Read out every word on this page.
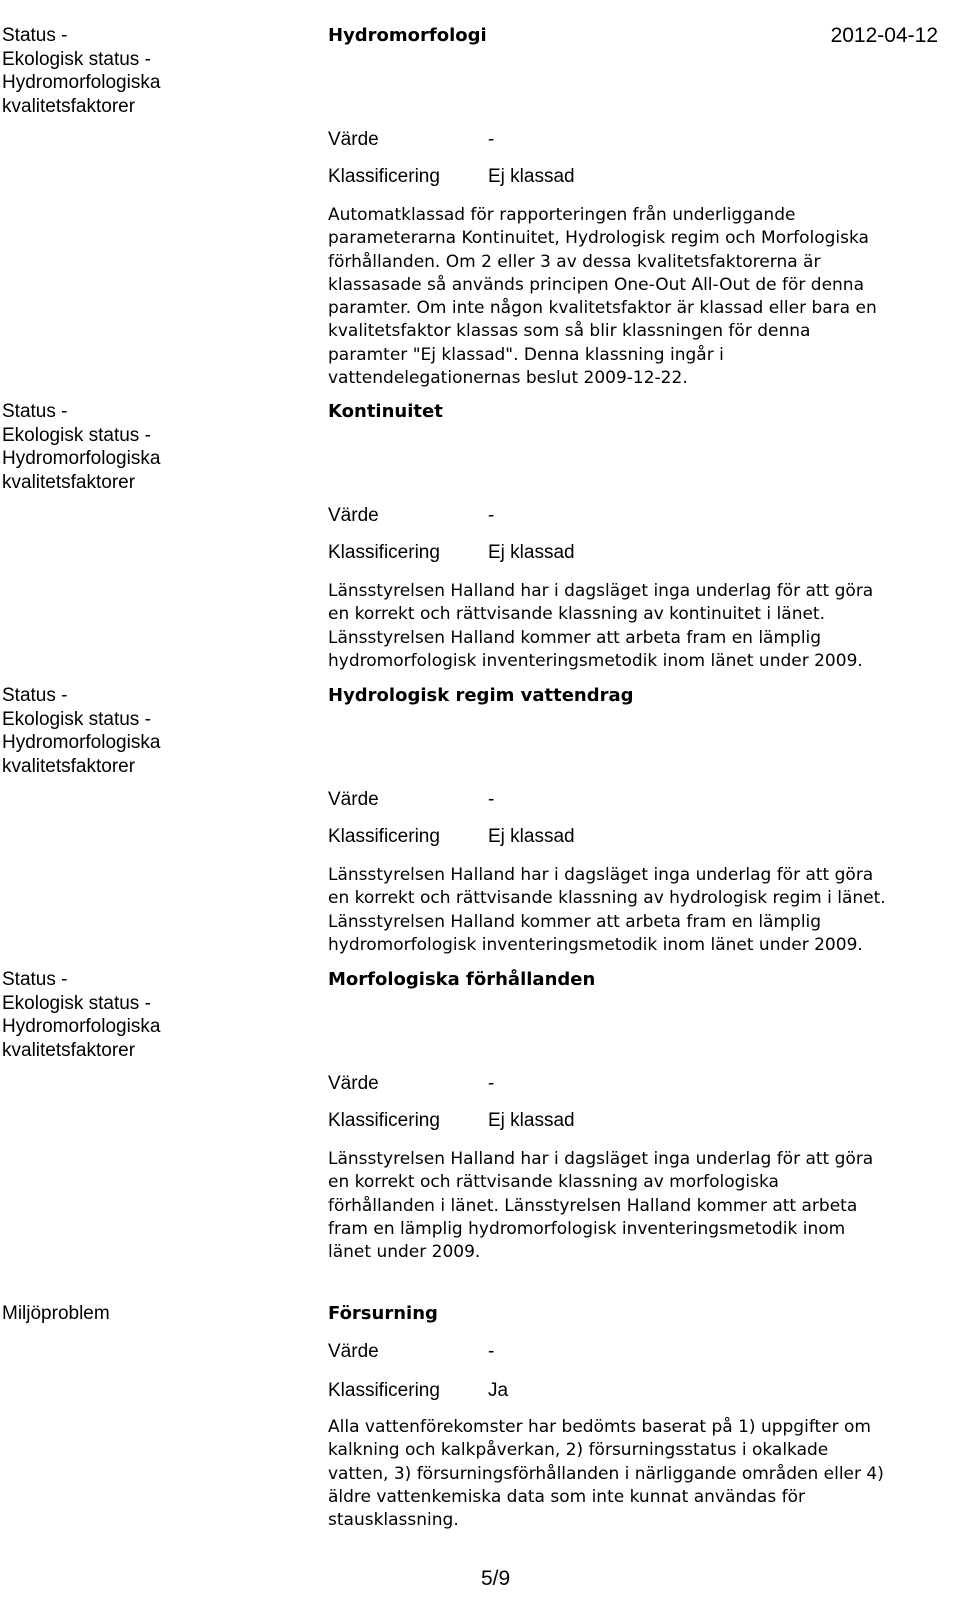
2012-04-12
Status -
Ekologisk status -
Hydromorfologiska
kvalitetsfaktorer
Hydromorfologi
Värde	-
Klassificering	Ej klassad
Automatklassad för rapporteringen från underliggande
parameterarna Kontinuitet, Hydrologisk regim och Morfologiska
förhållanden. Om 2 eller 3 av dessa kvalitetsfaktorerna är
klassasade så används principen One-Out All-Out de för denna
paramter. Om inte någon kvalitetsfaktor är klassad eller bara en
kvalitetsfaktor klassas som så blir klassningen för denna
paramter "Ej klassad". Denna klassning ingår i
vattendelegationernas beslut 2009-12-22.
Status -
Ekologisk status -
Hydromorfologiska
kvalitetsfaktorer
Kontinuitet
Värde	-
Klassificering	Ej klassad
Länsstyrelsen Halland har i dagsläget inga underlag för att göra
en korrekt och rättvisande klassning av kontinuitet i länet.
Länsstyrelsen Halland kommer att arbeta fram en lämplig
hydromorfologisk inventeringsmetodik inom länet under 2009.
Status -
Ekologisk status -
Hydromorfologiska
kvalitetsfaktorer
Hydrologisk regim vattendrag
Värde	-
Klassificering	Ej klassad
Länsstyrelsen Halland har i dagsläget inga underlag för att göra
en korrekt och rättvisande klassning av hydrologisk regim i länet.
Länsstyrelsen Halland kommer att arbeta fram en lämplig
hydromorfologisk inventeringsmetodik inom länet under 2009.
Status -
Ekologisk status -
Hydromorfologiska
kvalitetsfaktorer
Morfologiska förhållanden
Värde	-
Klassificering	Ej klassad
Länsstyrelsen Halland har i dagsläget inga underlag för att göra
en korrekt och rättvisande klassning av morfologiska
förhållanden i länet. Länsstyrelsen Halland kommer att arbeta
fram en lämplig hydromorfologisk inventeringsmetodik inom
länet under 2009.
Miljöproblem	Försurning
Värde	-
Klassificering	Ja
Alla vattenförekomster har bedömts baserat på 1) uppgifter om
kalkning och kalkpåverkan, 2) försurningsstatus i okalkade
vatten, 3) försurningsförhållanden i närliggande områden eller 4)
äldre vattenkemiska data som inte kunnat användas för
stausklassning.
5/9
